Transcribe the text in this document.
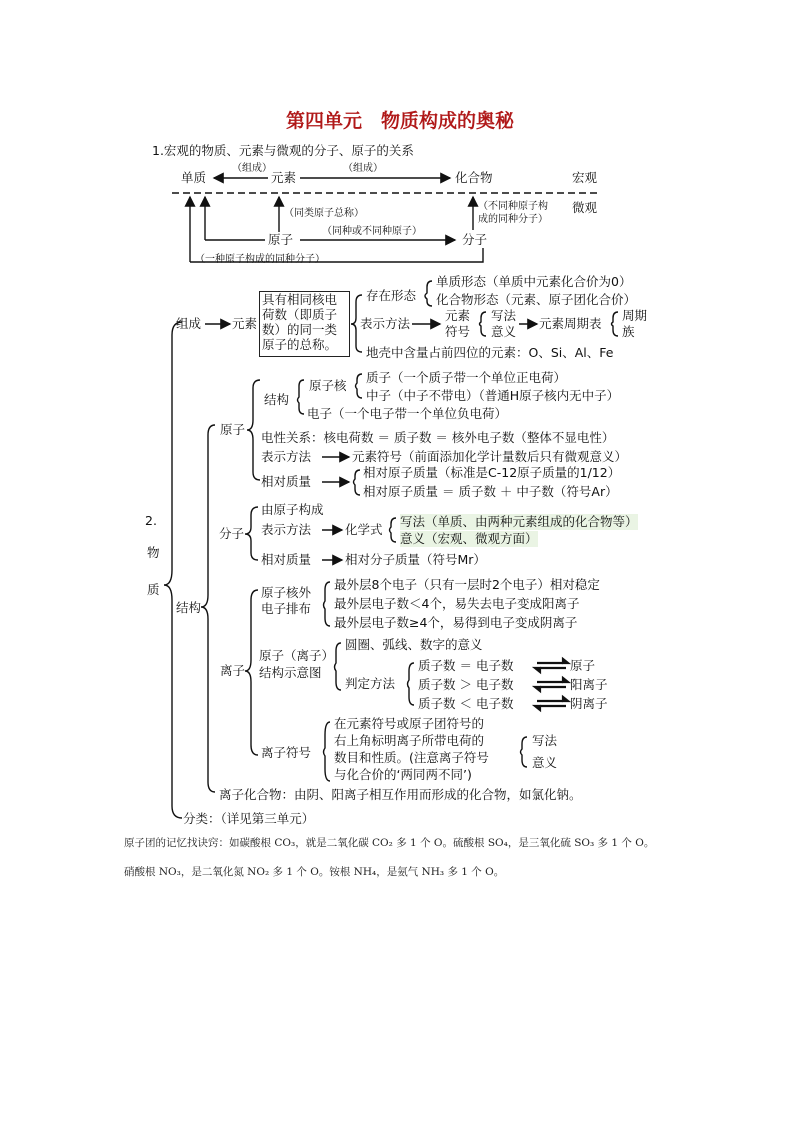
第四单元　物质构成的奥秘
1.宏观的物质、元素与微观的分子、原子的关系
单质
（组成）
元素
（组成）
化合物	宏观
（同类原子总称）
（不同种原子构
成的同种分子）
微观
原子
（同种或不同种原子）
分子
（一种原子构成的同种分子）
2.
物
质
组成 元素
具有相同核电
荷数（即质子
数）的同一类
原子的总称。
存在形态
单质形态（单质中元素化合价为0）
化合物形态（元素、原子团化合价）
表示方法
元素
符号
写法
意义
元素周期表
周期
族
地壳中含量占前四位的元素：O、Si、Al、Fe
结构
原子
结构
原子核
质子（一个质子带一个单位正电荷）
中子（中子不带电）（普通H原子核内无中子）
电子（一个电子带一个单位负电荷）
电性关系：核电荷数 ＝ 质子数 ＝ 核外电子数（整体不显电性）
表示方法	元素符号（前面添加化学计量数后只有微观意义）
相对质量
相对原子质量（标准是C-12原子质量的1/12）
相对原子质量 ＝ 质子数 ＋ 中子数（符号Ar）
分子
由原子构成
表示方法	化学式
写法（单质、由两种元素组成的化合物等）
意义（宏观、微观方面）
相对质量	相对分子质量（符号Mr）
离子
原子核外
电子排布
最外层8个电子（只有一层时2个电子）相对稳定
最外层电子数＜4个，易失去电子变成阳离子
最外层电子数≥4个，易得到电子变成阴离子
原子（离子）
结构示意图
圆圈、弧线、数字的意义
判定方法
质子数 ＝ 电子数
质子数 ＞ 电子数
质子数 ＜ 电子数
原子
阳离子
阴离子
离子符号
在元素符号或原子团符号的
右上角标明离子所带电荷的
数目和性质。(注意离子符号
与化合价的‘两同两不同’)
写法
意义
离子化合物：由阴、阳离子相互作用而形成的化合物，如氯化钠。
分类：（详见第三单元）
原子团的记忆找诀窍：如碳酸根 CO₃，就是二氧化碳 CO₂ 多 1 个 O。硫酸根 SO₄，是三氧化硫 SO₃ 多 1 个 O。
硝酸根 NO₃，是二氧化氮 NO₂ 多 1 个 O。铵根 NH₄，是氨气 NH₃ 多 1 个 O。
